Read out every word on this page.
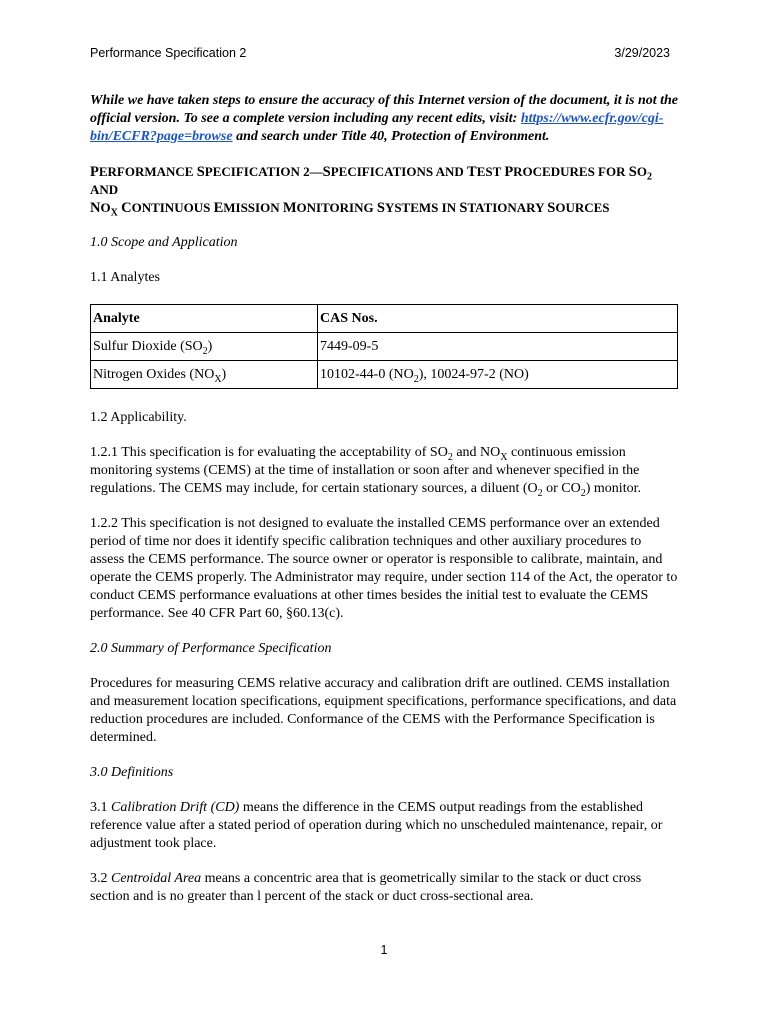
Performance Specification 2	3/29/2023

While we have taken steps to ensure the accuracy of this Internet version of the document, it is not the official version. To see a complete version including any recent edits, visit: https://www.ecfr.gov/cgi-bin/ECFR?page=browse and search under Title 40, Protection of Environment.

PERFORMANCE SPECIFICATION 2—SPECIFICATIONS AND TEST PROCEDURES FOR $SO_2$ AND
$NO_X$ CONTINUOUS EMISSION MONITORING SYSTEMS IN STATIONARY SOURCES

1.0 Scope and Application

1.1 Analytes

Analyte	CAS Nos.
Sulfur Dioxide $(SO_2)$	7449-09-5
Nitrogen Oxides $(NO_X)$	10102-44-0 $(NO_2)$, 10024-97-2 (NO)

1.2 Applicability.

1.2.1 This specification is for evaluating the acceptability of $SO_2$ and $NO_X$ continuous emission monitoring systems (CEMS) at the time of installation or soon after and whenever specified in the regulations. The CEMS may include, for certain stationary sources, a diluent ($O_2$ or $CO_2$) monitor.

1.2.2 This specification is not designed to evaluate the installed CEMS performance over an extended period of time nor does it identify specific calibration techniques and other auxiliary procedures to assess the CEMS performance. The source owner or operator is responsible to calibrate, maintain, and operate the CEMS properly. The Administrator may require, under section 114 of the Act, the operator to conduct CEMS performance evaluations at other times besides the initial test to evaluate the CEMS performance. See 40 CFR Part 60, §60.13(c).

2.0 Summary of Performance Specification

Procedures for measuring CEMS relative accuracy and calibration drift are outlined. CEMS installation and measurement location specifications, equipment specifications, performance specifications, and data reduction procedures are included. Conformance of the CEMS with the Performance Specification is determined.

3.0 Definitions

3.1 Calibration Drift (CD) means the difference in the CEMS output readings from the established reference value after a stated period of operation during which no unscheduled maintenance, repair, or adjustment took place.

3.2 Centroidal Area means a concentric area that is geometrically similar to the stack or duct cross section and is no greater than l percent of the stack or duct cross-sectional area.

1
